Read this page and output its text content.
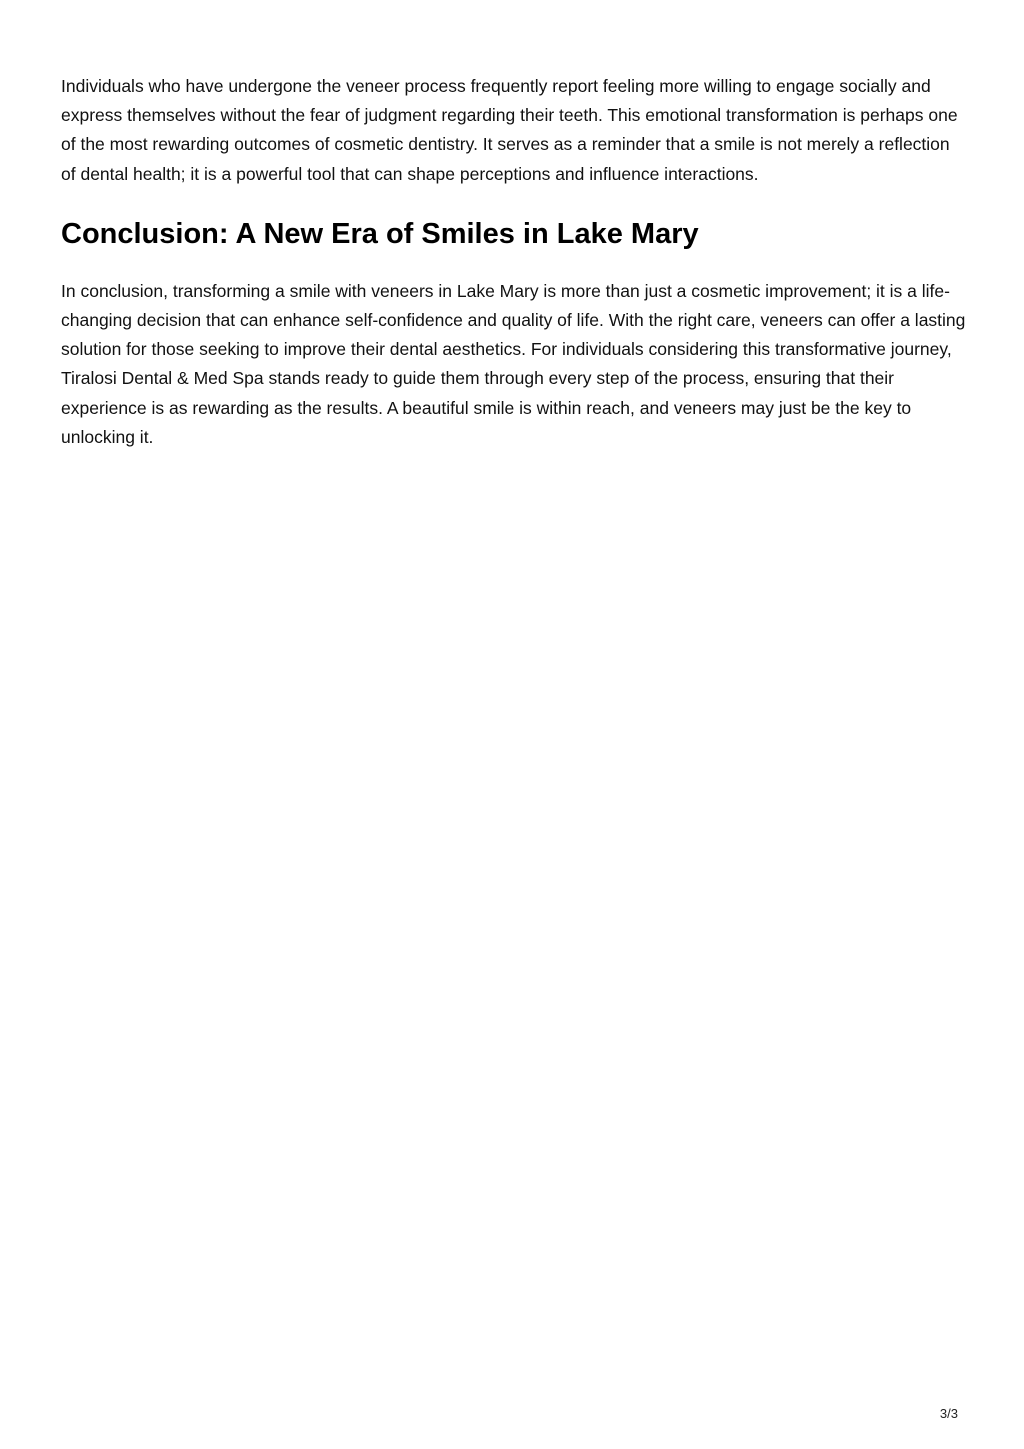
Individuals who have undergone the veneer process frequently report feeling more willing to engage socially and express themselves without the fear of judgment regarding their teeth. This emotional transformation is perhaps one of the most rewarding outcomes of cosmetic dentistry. It serves as a reminder that a smile is not merely a reflection of dental health; it is a powerful tool that can shape perceptions and influence interactions.

Conclusion: A New Era of Smiles in Lake Mary

In conclusion, transforming a smile with veneers in Lake Mary is more than just a cosmetic improvement; it is a life-changing decision that can enhance self-confidence and quality of life. With the right care, veneers can offer a lasting solution for those seeking to improve their dental aesthetics. For individuals considering this transformative journey, Tiralosi Dental & Med Spa stands ready to guide them through every step of the process, ensuring that their experience is as rewarding as the results. A beautiful smile is within reach, and veneers may just be the key to unlocking it.

3/3
